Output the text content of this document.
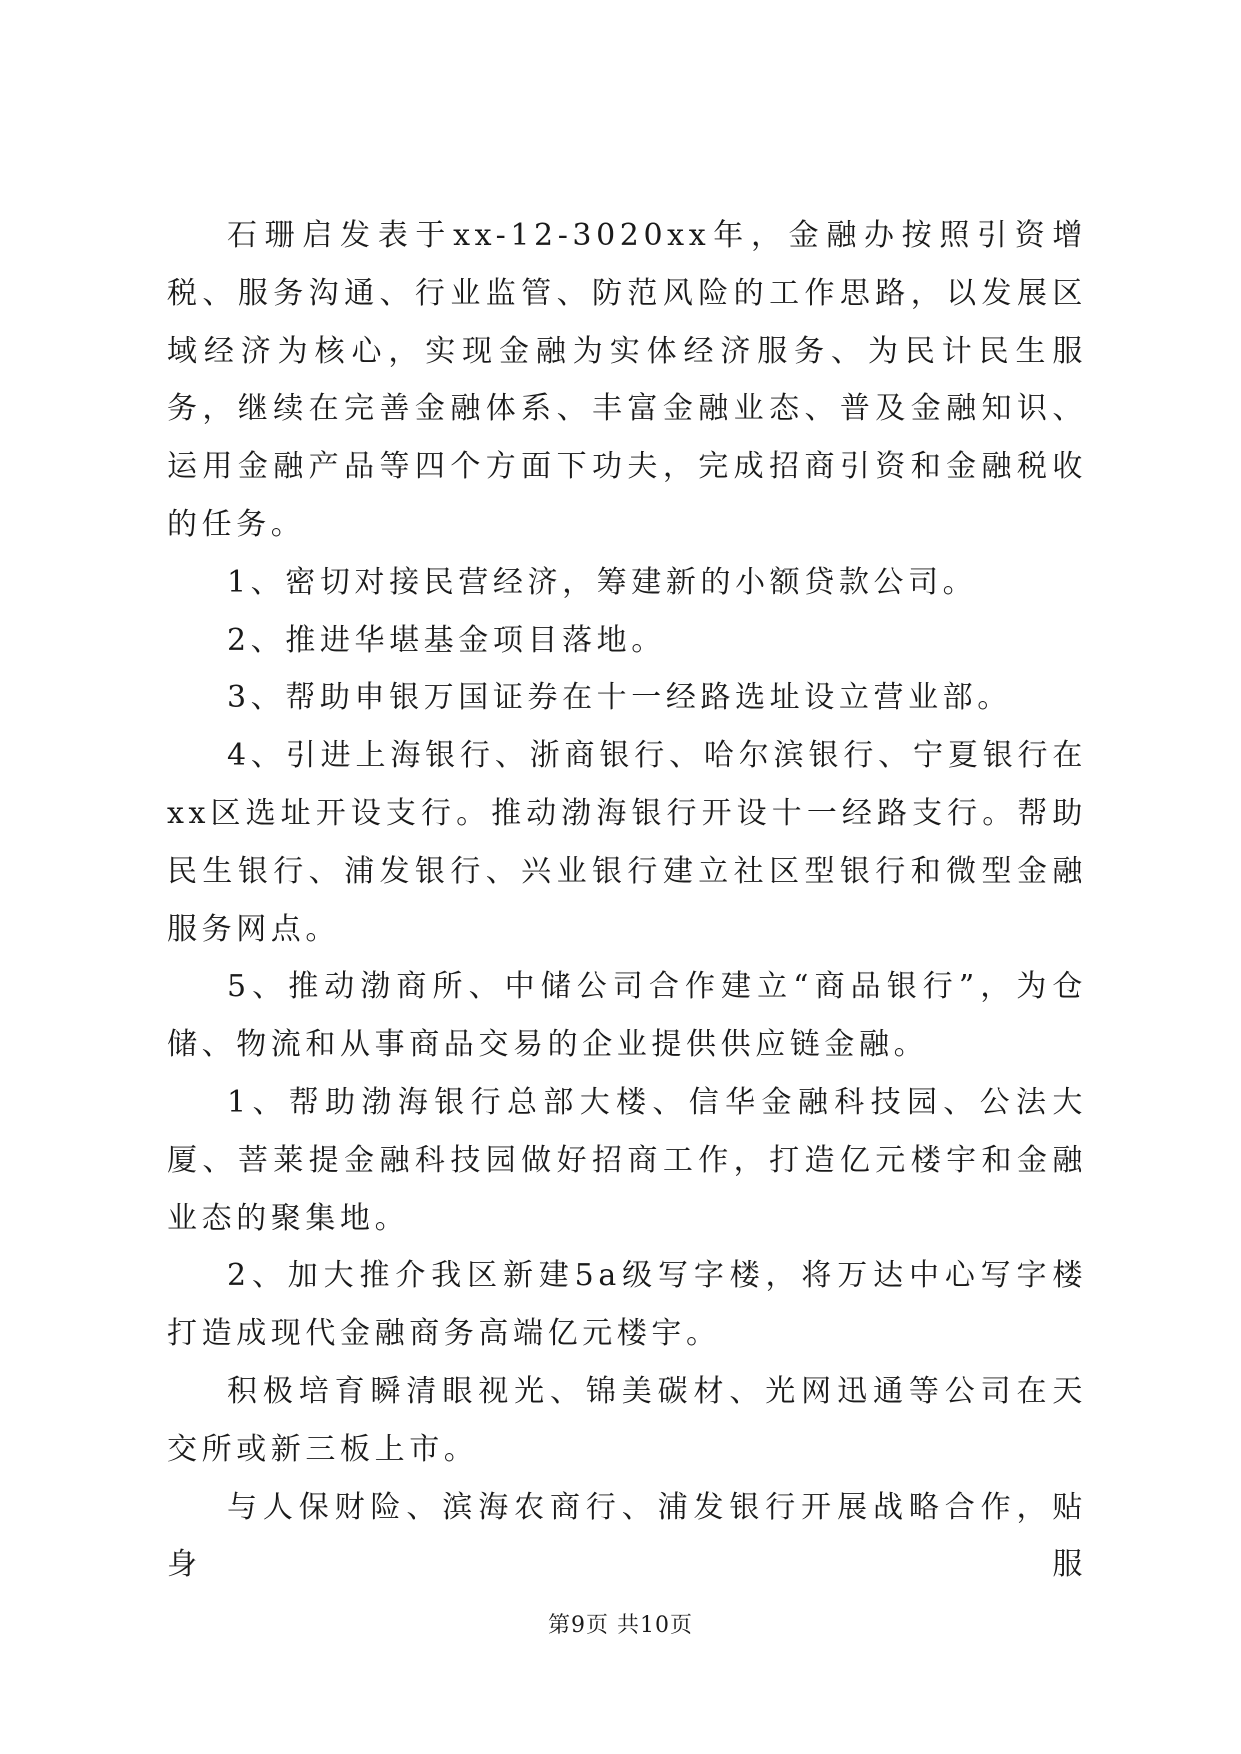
石珊启发表于xx-12-3020xx年，金融办按照引资增税、服务沟通、行业监管、防范风险的工作思路，以发展区域经济为核心，实现金融为实体经济服务、为民计民生服务，继续在完善金融体系、丰富金融业态、普及金融知识、运用金融产品等四个方面下功夫，完成招商引资和金融税收的任务。

1、密切对接民营经济，筹建新的小额贷款公司。

2、推进华堪基金项目落地。

3、帮助申银万国证券在十一经路选址设立营业部。

4、引进上海银行、浙商银行、哈尔滨银行、宁夏银行在xx区选址开设支行。推动渤海银行开设十一经路支行。帮助民生银行、浦发银行、兴业银行建立社区型银行和微型金融服务网点。

5、推动渤商所、中储公司合作建立“商品银行”，为仓储、物流和从事商品交易的企业提供供应链金融。

1、帮助渤海银行总部大楼、信华金融科技园、公法大厦、菩莱提金融科技园做好招商工作，打造亿元楼宇和金融业态的聚集地。

2、加大推介我区新建5a级写字楼，将万达中心写字楼打造成现代金融商务高端亿元楼宇。

积极培育瞬清眼视光、锦美碳材、光网迅通等公司在天交所或新三板上市。

与人保财险、滨海农商行、浦发银行开展战略合作，贴身服

第9页 共10页
